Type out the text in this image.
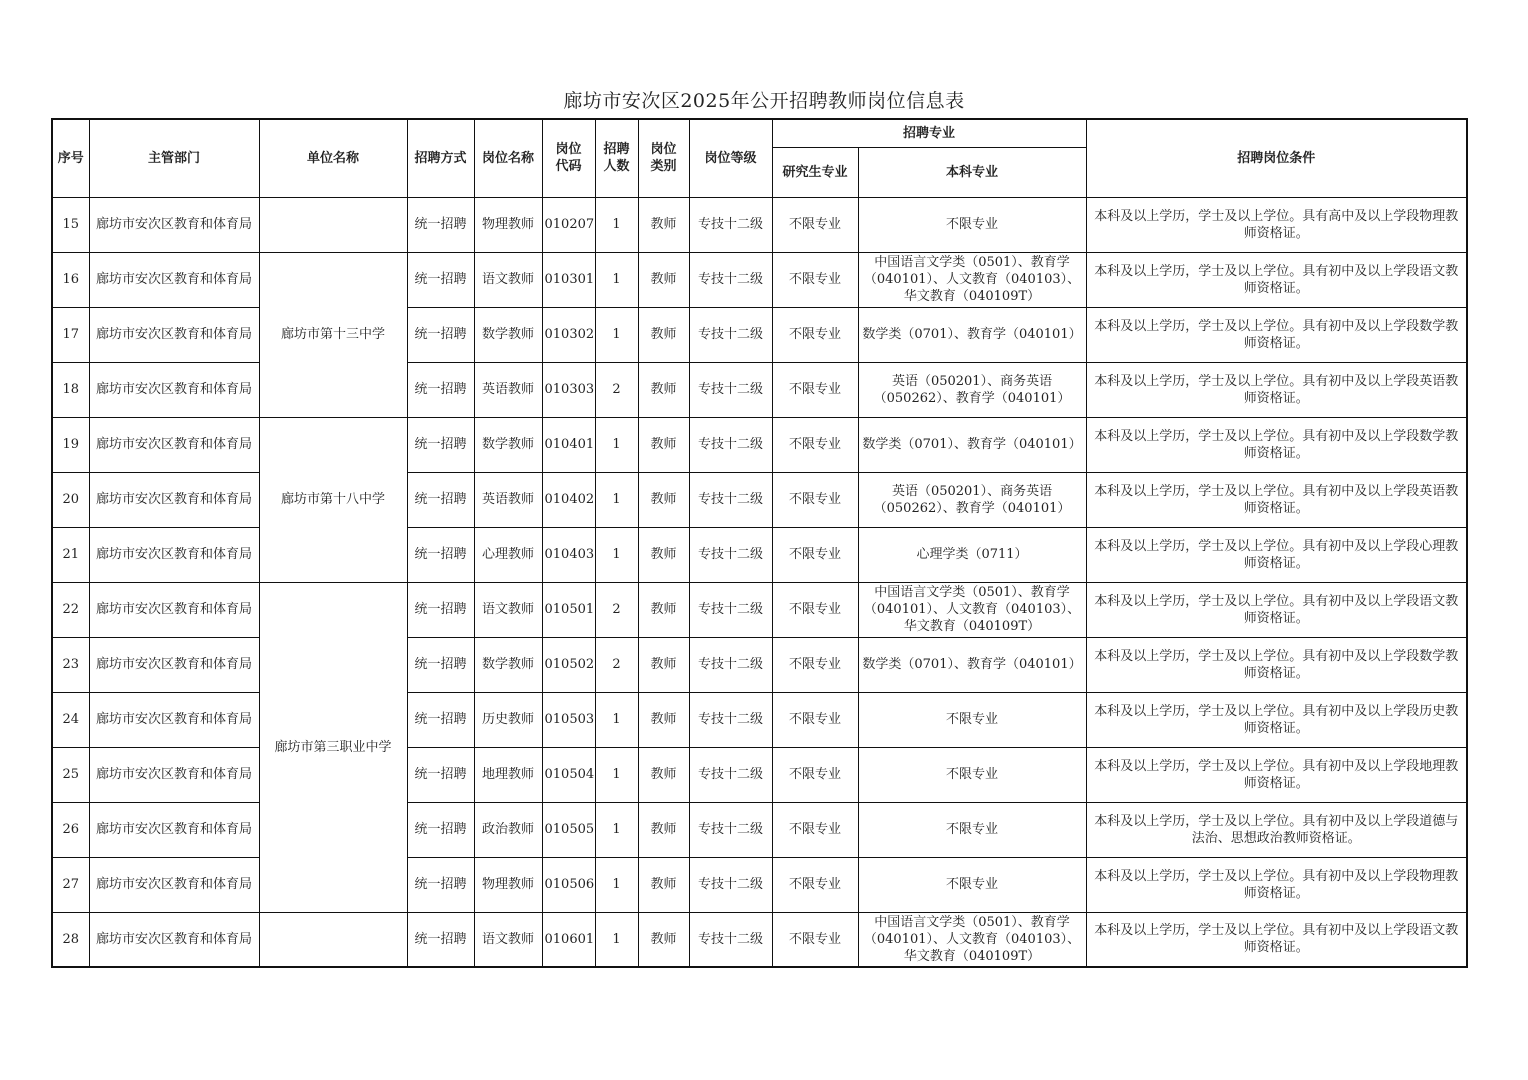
廊坊市安次区2025年公开招聘教师岗位信息表
序号	主管部门	单位名称	招聘方式	岗位名称	岗位代码	招聘人数	岗位类别	岗位等级	招聘专业		招聘岗位条件
									研究生专业	本科专业	
15	廊坊市安次区教育和体育局		统一招聘	物理教师	010207	1	教师	专技十二级	不限专业	不限专业	本科及以上学历，学士及以上学位。具有高中及以上学段物理教师资格证。
16	廊坊市安次区教育和体育局	廊坊市第十三中学	统一招聘	语文教师	010301	1	教师	专技十二级	不限专业	中国语言文学类（0501）、教育学（040101）、人文教育（040103）、华文教育（040109T）	本科及以上学历，学士及以上学位。具有初中及以上学段语文教师资格证。
17	廊坊市安次区教育和体育局		统一招聘	数学教师	010302	1	教师	专技十二级	不限专业	数学类（0701）、教育学（040101）	本科及以上学历，学士及以上学位。具有初中及以上学段数学教师资格证。
18	廊坊市安次区教育和体育局		统一招聘	英语教师	010303	2	教师	专技十二级	不限专业	英语（050201）、商务英语（050262）、教育学（040101）	本科及以上学历，学士及以上学位。具有初中及以上学段英语教师资格证。
19	廊坊市安次区教育和体育局	廊坊市第十八中学	统一招聘	数学教师	010401	1	教师	专技十二级	不限专业	数学类（0701）、教育学（040101）	本科及以上学历，学士及以上学位。具有初中及以上学段数学教师资格证。
20	廊坊市安次区教育和体育局		统一招聘	英语教师	010402	1	教师	专技十二级	不限专业	英语（050201）、商务英语（050262）、教育学（040101）	本科及以上学历，学士及以上学位。具有初中及以上学段英语教师资格证。
21	廊坊市安次区教育和体育局		统一招聘	心理教师	010403	1	教师	专技十二级	不限专业	心理学类（0711）	本科及以上学历，学士及以上学位。具有初中及以上学段心理教师资格证。
22	廊坊市安次区教育和体育局	廊坊市第三职业中学	统一招聘	语文教师	010501	2	教师	专技十二级	不限专业	中国语言文学类（0501）、教育学（040101）、人文教育（040103）、华文教育（040109T）	本科及以上学历，学士及以上学位。具有初中及以上学段语文教师资格证。
23	廊坊市安次区教育和体育局		统一招聘	数学教师	010502	2	教师	专技十二级	不限专业	数学类（0701）、教育学（040101）	本科及以上学历，学士及以上学位。具有初中及以上学段数学教师资格证。
24	廊坊市安次区教育和体育局		统一招聘	历史教师	010503	1	教师	专技十二级	不限专业	不限专业	本科及以上学历，学士及以上学位。具有初中及以上学段历史教师资格证。
25	廊坊市安次区教育和体育局		统一招聘	地理教师	010504	1	教师	专技十二级	不限专业	不限专业	本科及以上学历，学士及以上学位。具有初中及以上学段地理教师资格证。
26	廊坊市安次区教育和体育局		统一招聘	政治教师	010505	1	教师	专技十二级	不限专业	不限专业	本科及以上学历，学士及以上学位。具有初中及以上学段道德与法治、思想政治教师资格证。
27	廊坊市安次区教育和体育局		统一招聘	物理教师	010506	1	教师	专技十二级	不限专业	不限专业	本科及以上学历，学士及以上学位。具有初中及以上学段物理教师资格证。
28	廊坊市安次区教育和体育局		统一招聘	语文教师	010601	1	教师	专技十二级	不限专业	中国语言文学类（0501）、教育学（040101）、人文教育（040103）、华文教育（040109T）	本科及以上学历，学士及以上学位。具有初中及以上学段语文教师资格证。
